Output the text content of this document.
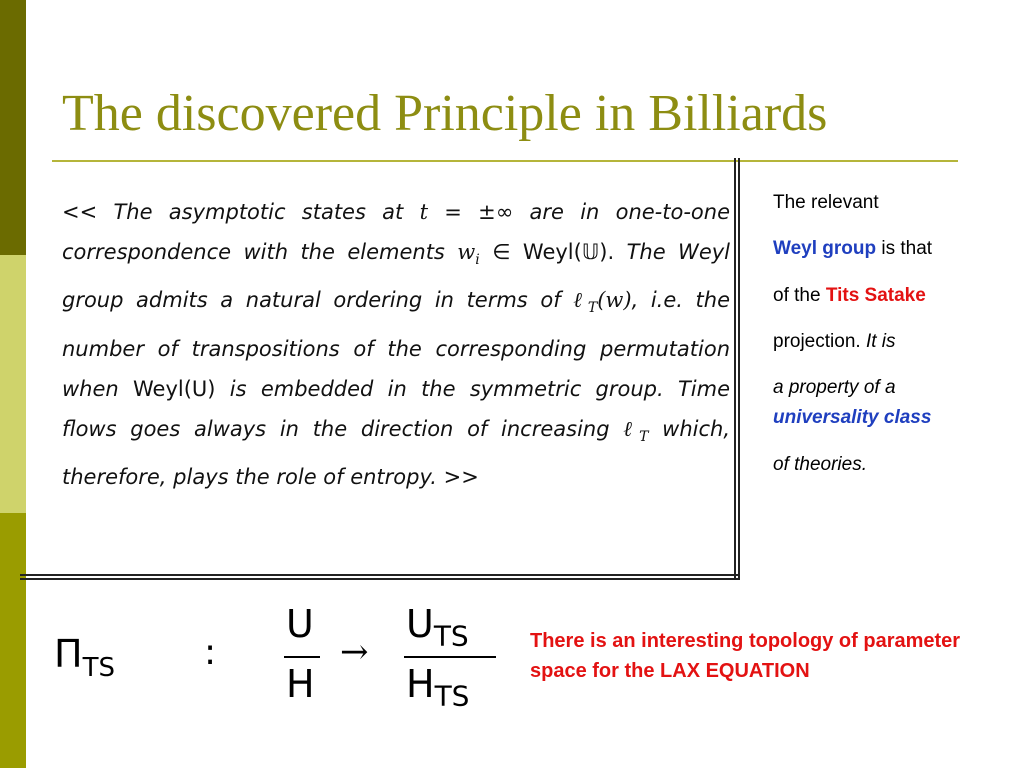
The discovered Principle in Billiards

<< The asymptotic states at t = ±∞ are in one-to-one correspondence with the elements $w_i$ ∈ Weyl(𝕌). The Weyl group admits a natural ordering in terms of ℓ$_T$(w), i.e. the number of transpositions of the corresponding permutation when Weyl(U) is embedded in the symmetric group. Time flows goes always in the direction of increasing ℓ$_T$ which, therefore, plays the role of entropy. >>

The relevant

Weyl group is that

of the Tits Satake

projection. It is

a property of a

universality class

of theories.

$\Pi_{TS}$ :
U
H
→
$U_{TS}$
$H_{TS}$

There is an interesting topology of parameter space for the LAX EQUATION
